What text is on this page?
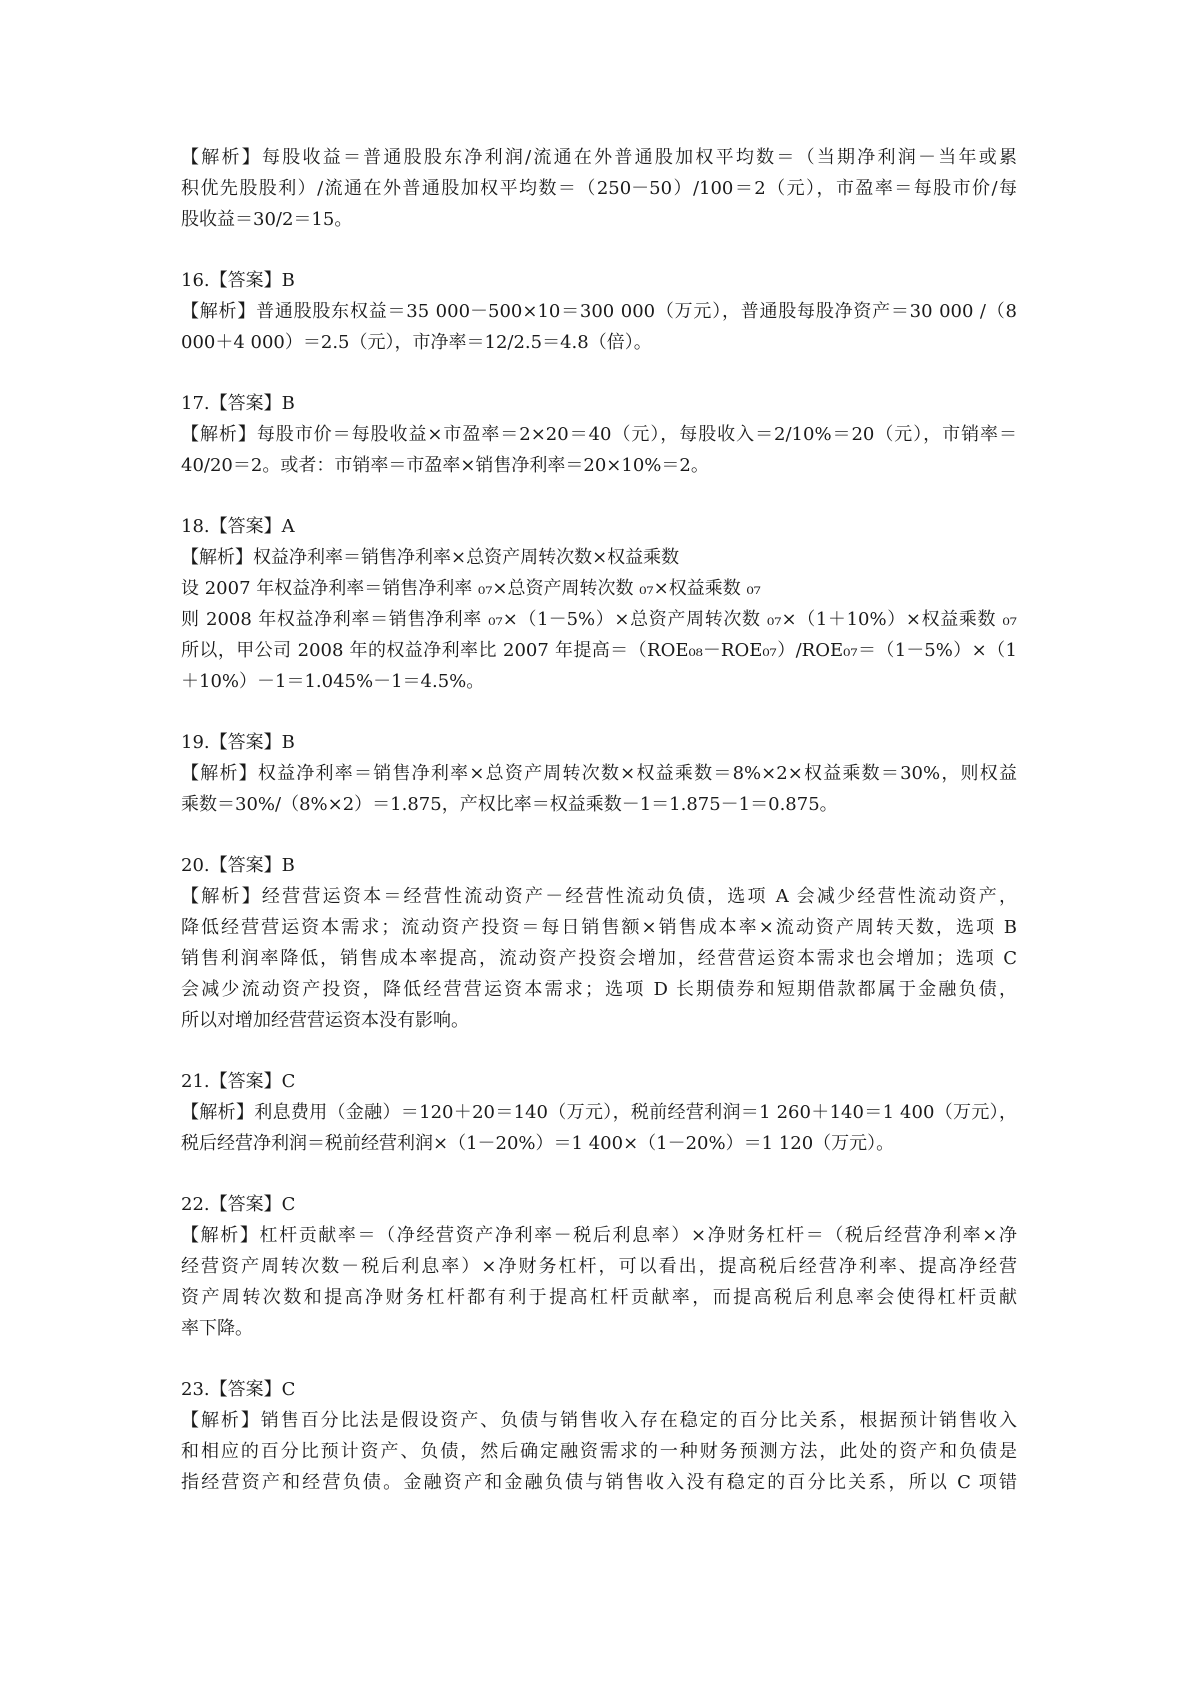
【解析】每股收益＝普通股股东净利润/流通在外普通股加权平均数＝（当期净利润－当年或累
积优先股股利）/流通在外普通股加权平均数＝（250－50）/100＝2（元），市盈率＝每股市价/每
股收益＝30/2＝15。
16.【答案】B
【解析】普通股股东权益＝35 000－500×10＝300 000（万元），普通股每股净资产＝30 000 /（8
000＋4 000）＝2.5（元），市净率＝12/2.5＝4.8（倍）。
17.【答案】B
【解析】每股市价＝每股收益×市盈率＝2×20＝40（元），每股收入＝2/10%＝20（元），市销率＝
40/20＝2。或者：市销率＝市盈率×销售净利率＝20×10%＝2。
18.【答案】A
【解析】权益净利率＝销售净利率×总资产周转次数×权益乘数
设 2007 年权益净利率＝销售净利率 ₀₇×总资产周转次数 ₀₇×权益乘数 ₀₇
则 2008 年权益净利率＝销售净利率 ₀₇×（1－5%）×总资产周转次数 ₀₇×（1＋10%）×权益乘数 ₀₇
所以，甲公司 2008 年的权益净利率比 2007 年提高＝（ROE₀₈－ROE₀₇）/ROE₀₇＝（1－5%）×（1
＋10%）－1＝1.045%－1＝4.5%。
19.【答案】B
【解析】权益净利率＝销售净利率×总资产周转次数×权益乘数＝8%×2×权益乘数＝30%，则权益
乘数＝30%/（8%×2）＝1.875，产权比率＝权益乘数－1＝1.875－1＝0.875。
20.【答案】B
【解析】经营营运资本＝经营性流动资产－经营性流动负债，选项 A 会减少经营性流动资产，
降低经营营运资本需求；流动资产投资＝每日销售额×销售成本率×流动资产周转天数，选项 B
销售利润率降低，销售成本率提高，流动资产投资会增加，经营营运资本需求也会增加；选项 C
会减少流动资产投资，降低经营营运资本需求；选项 D 长期债券和短期借款都属于金融负债，
所以对增加经营营运资本没有影响。
21.【答案】C
【解析】利息费用（金融）＝120＋20＝140（万元），税前经营利润＝1 260＋140＝1 400（万元），
税后经营净利润＝税前经营利润×（1－20%）＝1 400×（1－20%）＝1 120（万元）。
22.【答案】C
【解析】杠杆贡献率＝（净经营资产净利率－税后利息率）×净财务杠杆＝（税后经营净利率×净
经营资产周转次数－税后利息率）×净财务杠杆，可以看出，提高税后经营净利率、提高净经营
资产周转次数和提高净财务杠杆都有利于提高杠杆贡献率，而提高税后利息率会使得杠杆贡献
率下降。
23.【答案】C
【解析】销售百分比法是假设资产、负债与销售收入存在稳定的百分比关系，根据预计销售收入
和相应的百分比预计资产、负债，然后确定融资需求的一种财务预测方法，此处的资产和负债是
指经营资产和经营负债。金融资产和金融负债与销售收入没有稳定的百分比关系，所以 C 项错
